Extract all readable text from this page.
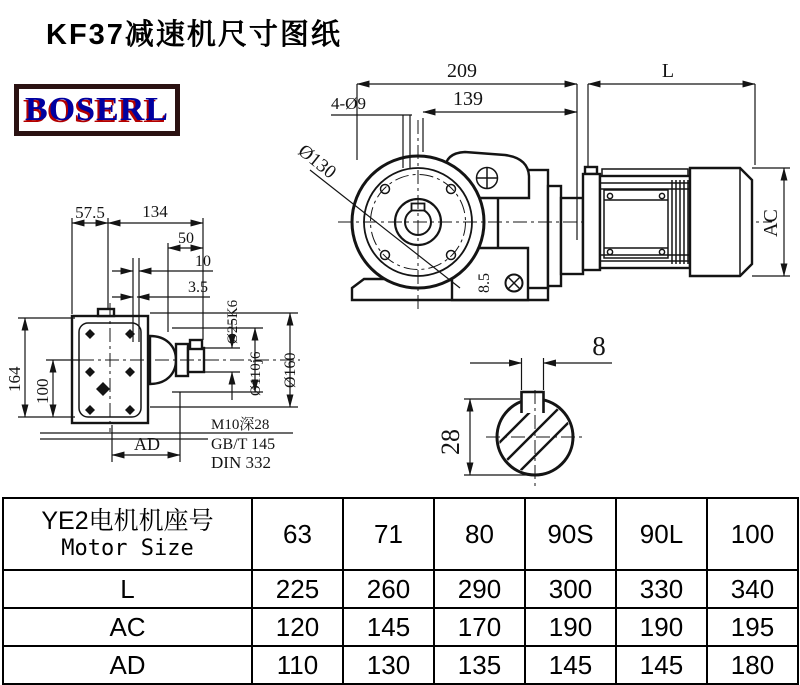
KF37减速机尺寸图纸
BOSERL
Ø130
8.5
209	L
139
4-Ø9
AC
57.5 134
50
10
3.5
164 100
AD
Ø25K6
Ø110j6 Ø160
M10深28
GB/T 145
DIN 332
8
28
YE2电机机座号
Motor Size	63	71	80	90S	90L	100
L	225	260	290	300	330	340
AC	120	145	170	190	190	195
AD	110	130	135	145	145	180
